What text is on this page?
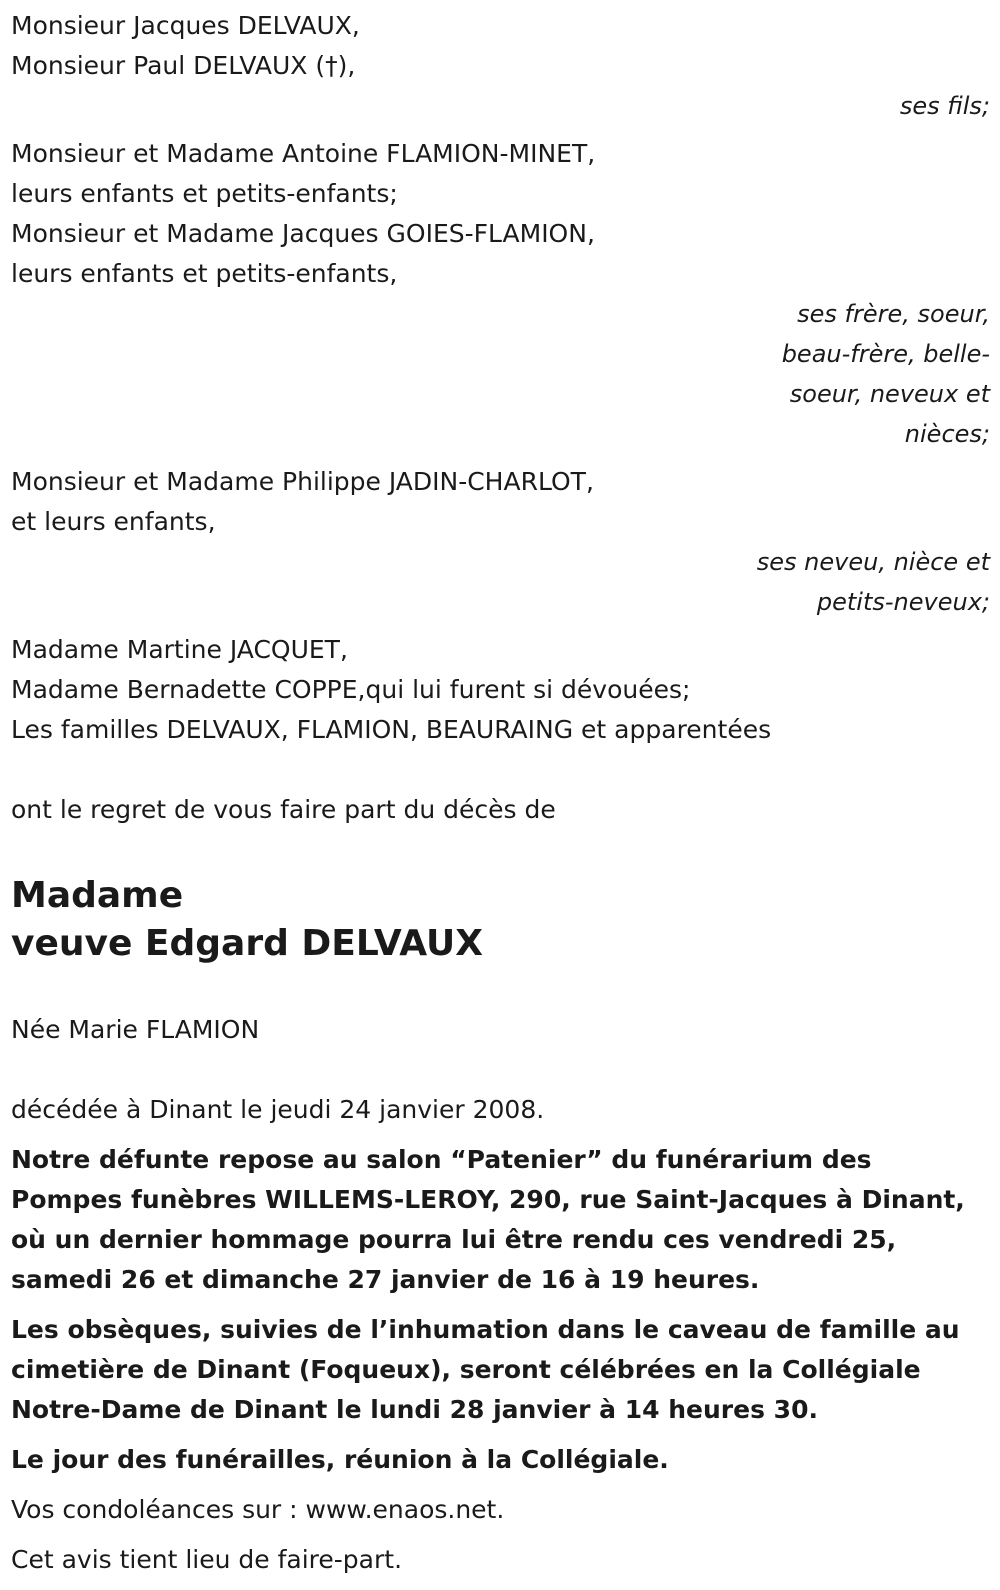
Monsieur Jacques DELVAUX,
Monsieur Paul DELVAUX (†),
ses fils;
Monsieur et Madame Antoine FLAMION-MINET,
leurs enfants et petits-enfants;
Monsieur et Madame Jacques GOIES-FLAMION,
leurs enfants et petits-enfants,
ses frère, soeur,
beau-frère, belle-
soeur, neveux et
nièces;
Monsieur et Madame Philippe JADIN-CHARLOT,
et leurs enfants,
ses neveu, nièce et
petits-neveux;
Madame Martine JACQUET,
Madame Bernadette COPPE,qui lui furent si dévouées;
Les familles DELVAUX, FLAMION, BEAURAING et apparentées
ont le regret de vous faire part du décès de
Madame
veuve Edgard DELVAUX
Née Marie FLAMION
décédée à Dinant le jeudi 24 janvier 2008.

Notre défunte repose au salon “Patenier” du funérarium des Pompes funèbres WILLEMS-LEROY, 290, rue Saint-Jacques à Dinant, où un dernier hommage pourra lui être rendu ces vendredi 25, samedi 26 et dimanche 27 janvier de 16 à 19 heures.

Les obsèques, suivies de l’inhumation dans le caveau de famille au cimetière de Dinant (Foqueux), seront célébrées en la Collégiale Notre-Dame de Dinant le lundi 28 janvier à 14 heures 30.

Le jour des funérailles, réunion à la Collégiale.

Vos condoléances sur : www.enaos.net.

Cet avis tient lieu de faire-part.
